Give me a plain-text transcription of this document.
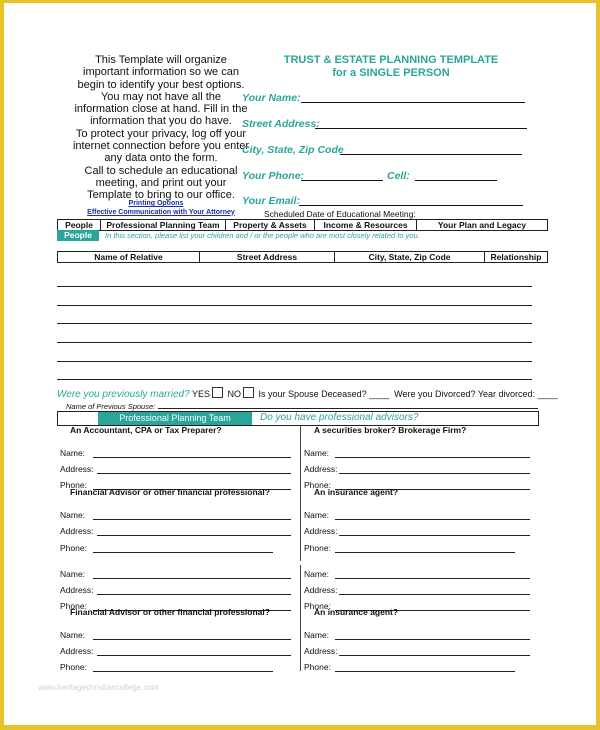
This Template will organize
important information so we can
begin to identify your best options.
You may not have all the
information close at hand. Fill in the
information that you do have.
To protect your privacy, log off your
internet connection before you enter
any data onto the form.
Call to schedule an educational
meeting, and print out your
Template to bring to our office.
Printing Options
Effective Communication with Your Attorney
TRUST & ESTATE PLANNING TEMPLATE
for a SINGLE PERSON
Your Name:
Street Address:
City, State, Zip Code
Your Phone:	Cell:
Your Email:
Scheduled Date of Educational Meeting:
People	Professional Planning Team	Property & Assets	Income & Resources	Your Plan and Legacy
People	In this section, please list your children and / or the people who are most closely related to you.
Name of Relative	Street Address	City, State, Zip Code	Relationship
Were you previously married? YES NO Is your Spouse Deceased? ____ Were you Divorced? Year divorced: ____
Name of Previous Spouse:
Professional Planning Team	Do you have professional advisors?
An Accountant, CPA or Tax Preparer?
Name:
Address:
Phone:
A securities broker? Brokerage Firm?
Name:
Address:
Phone:
Financial Advisor or other financial professional?
Name:
Address:
Phone:
An insurance agent?
Name:
Address:
Phone:
Name:
Address:
Phone:
Name:
Address:
Phone:
Financial Advisor or other financial professional?
Name:
Address:
Phone:
An insurance agent?
Name:
Address:
Phone:
www.heritagechristiancollege.com
